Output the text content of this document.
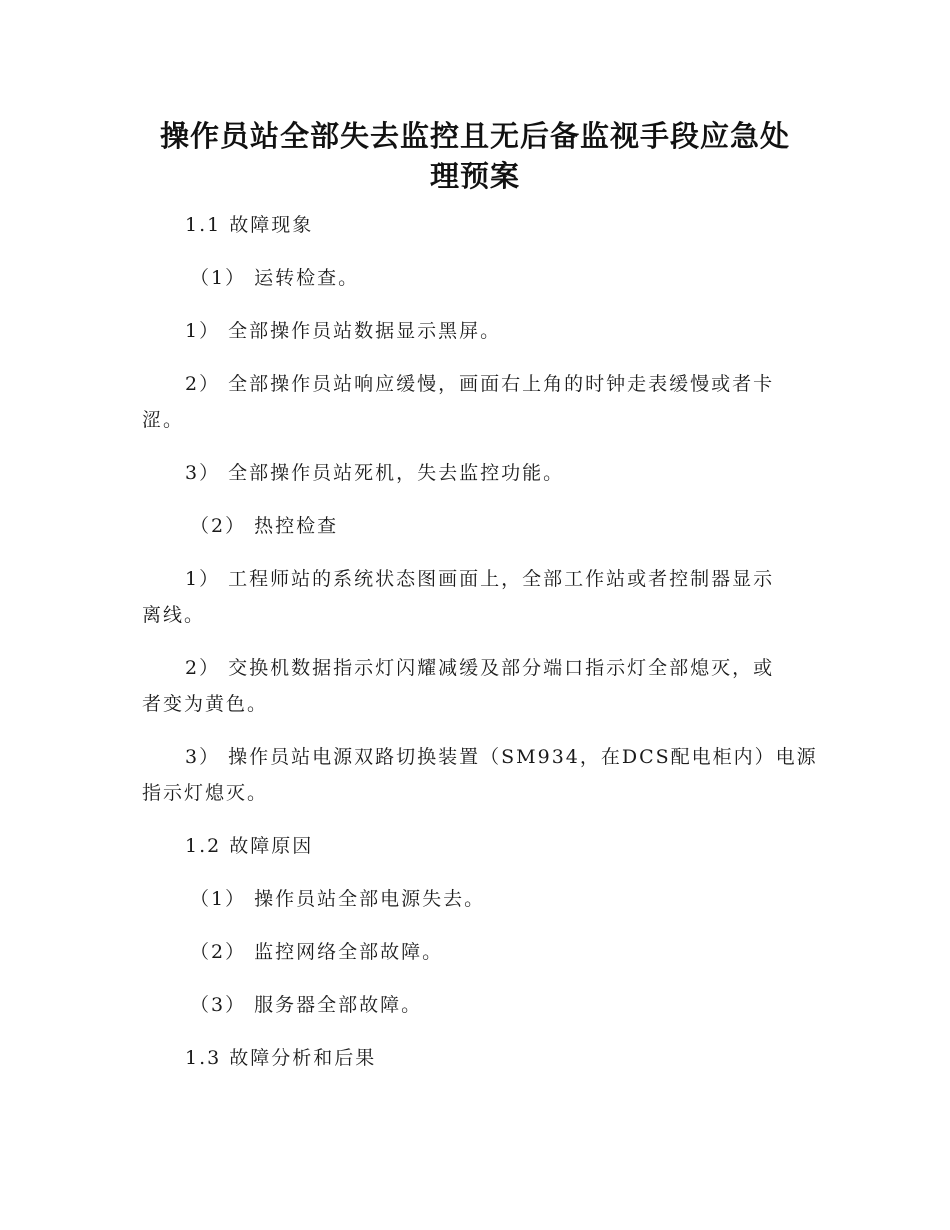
操作员站全部失去监控且无后备监视手段应急处
理预案
1.1 故障现象
（1） 运转检查。
1） 全部操作员站数据显示黑屏。
2） 全部操作员站响应缓慢，画面右上角的时钟走表缓慢或者卡
涩。
3） 全部操作员站死机，失去监控功能。
（2） 热控检查
1） 工程师站的系统状态图画面上，全部工作站或者控制器显示
离线。
2） 交换机数据指示灯闪耀减缓及部分端口指示灯全部熄灭，或
者变为黄色。
3） 操作员站电源双路切换装置（SM934，在DCS配电柜内）电源
指示灯熄灭。
1.2 故障原因
（1） 操作员站全部电源失去。
（2） 监控网络全部故障。
（3） 服务器全部故障。
1.3 故障分析和后果
